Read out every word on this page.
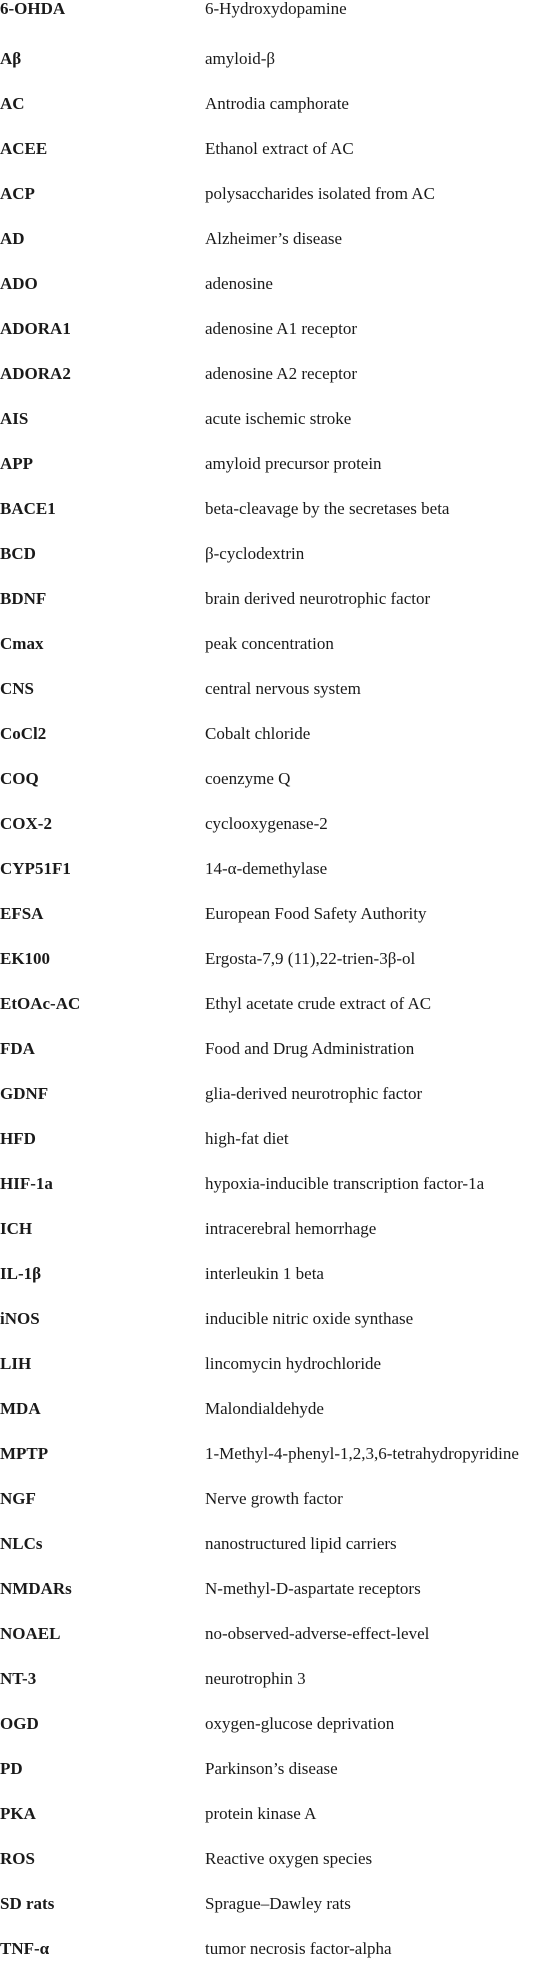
6-OHDA	6-Hydroxydopamine
Aβ	amyloid-β
AC	Antrodia camphorate
ACEE	Ethanol extract of AC
ACP	polysaccharides isolated from AC
AD	Alzheimer’s disease
ADO	adenosine
ADORA1	adenosine A1 receptor
ADORA2	adenosine A2 receptor
AIS	acute ischemic stroke
APP	amyloid precursor protein
BACE1	beta-cleavage by the secretases beta
BCD	β-cyclodextrin
BDNF	brain derived neurotrophic factor
Cmax	peak concentration
CNS	central nervous system
CoCl2	Cobalt chloride
COQ	coenzyme Q
COX-2	cyclooxygenase-2
CYP51F1	14-α-demethylase
EFSA	European Food Safety Authority
EK100	Ergosta-7,9 (11),22-trien-3β-ol
EtOAc-AC	Ethyl acetate crude extract of AC
FDA	Food and Drug Administration
GDNF	glia-derived neurotrophic factor
HFD	high-fat diet
HIF-1a	hypoxia-inducible transcription factor-1a
ICH	intracerebral hemorrhage
IL-1β	interleukin 1 beta
iNOS	inducible nitric oxide synthase
LIH	lincomycin hydrochloride
MDA	Malondialdehyde
MPTP	1-Methyl-4-phenyl-1,2,3,6-tetrahydropyridine
NGF	Nerve growth factor
NLCs	nanostructured lipid carriers
NMDARs	N-methyl-D-aspartate receptors
NOAEL	no-observed-adverse-effect-level
NT-3	neurotrophin 3
OGD	oxygen-glucose deprivation
PD	Parkinson’s disease
PKA	protein kinase A
ROS	Reactive oxygen species
SD rats	Sprague–Dawley rats
TNF-α	tumor necrosis factor-alpha
